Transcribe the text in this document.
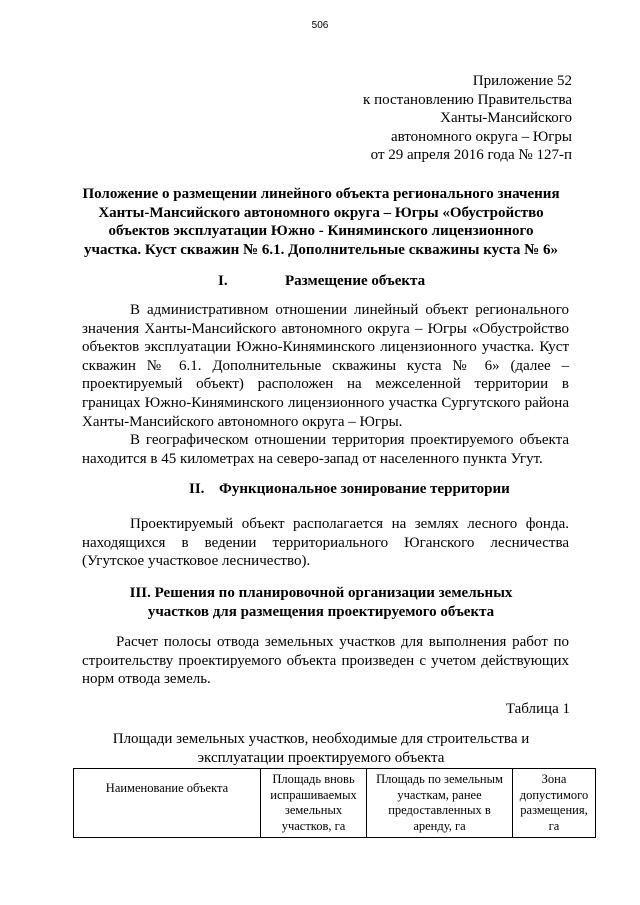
506
Приложение 52
к постановлению Правительства
Ханты-Мансийского
автономного округа – Югры
от 29 апреля 2016 года № 127-п
Положение о размещении линейного объекта регионального значения
Ханты-Мансийского автономного округа – Югры «Обустройство
объектов эксплуатации Южно - Киняминского лицензионного
участка. Куст скважин № 6.1. Дополнительные скважины куста № 6»
I.	Размещение объекта
В административном отношении линейный объект регионального значения Ханты-Мансийского автономного округа – Югры «Обустройство объектов эксплуатации Южно-Киняминского лицензионного участка. Куст скважин № 6.1. Дополнительные скважины куста № 6» (далее – проектируемый объект) расположен на межселенной территории в границах Южно-Киняминского лицензионного участка Сургутского района Ханты-Мансийского автономного округа – Югры.
В географическом отношении территория проектируемого объекта находится в 45 километрах на северо-запад от населенного пункта Угут.
II. Функциональное зонирование территории
Проектируемый объект располагается на землях лесного фонда. находящихся в ведении территориального Юганского лесничества (Угутское участковое лесничество).
III. Решения по планировочной организации земельных
участков для размещения проектируемого объекта
Расчет полосы отвода земельных участков для выполнения работ по строительству проектируемого объекта произведен с учетом действующих норм отвода земель.
Таблица 1
Площади земельных участков, необходимые для строительства и
эксплуатации проектируемого объекта
Наименование объекта	Площадь вновь испрашиваемых земельных участков, га	Площадь по земельным участкам, ранее предоставленных в аренду, га	Зона допустимого размещения, га
